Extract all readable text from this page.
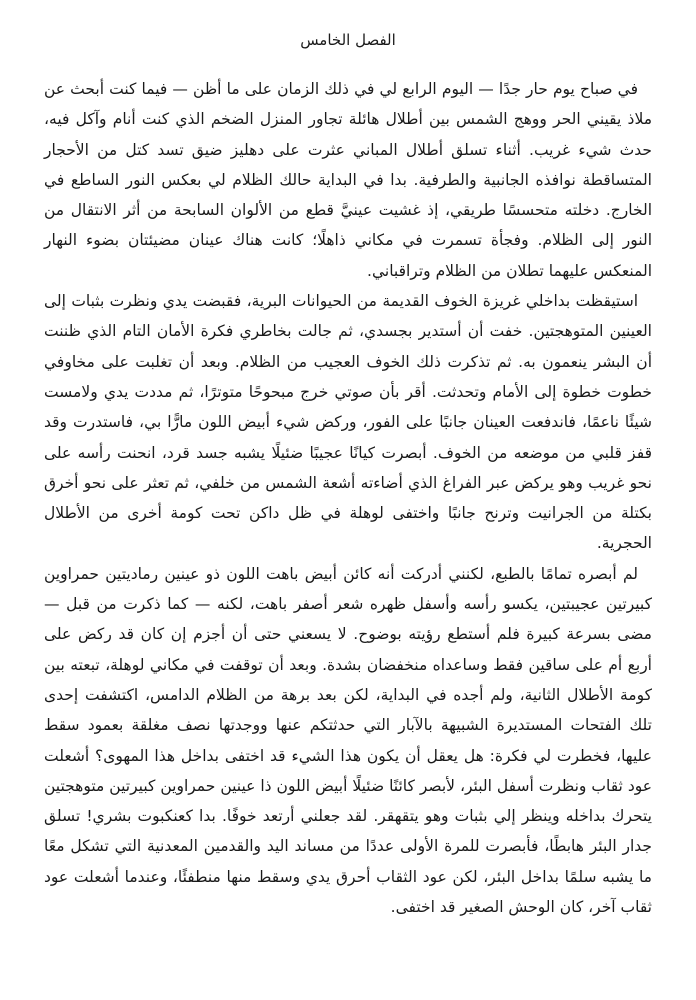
الفصل الخامس

في صباح يوم حار جدًا — اليوم الرابع لي في ذلك الزمان على ما أظن — فيما كنت أبحث عن ملاذ يقيني الحر ووهج الشمس بين أطلال هائلة تجاور المنزل الضخم الذي كنت أنام وآكل فيه، حدث شيء غريب. أثناء تسلق أطلال المباني عثرت على دهليز ضيق تسد كتل من الأحجار المتساقطة نوافذه الجانبية والطرفية. بدا في البداية حالك الظلام لي بعكس النور الساطع في الخارج. دخلته متحسسًا طريقي، إذ غشيت عينيَّ قطع من الألوان السابحة من أثر الانتقال من النور إلى الظلام. وفجأة تسمرت في مكاني ذاهلًا؛ كانت هناك عينان مضيئتان بضوء النهار المنعكس عليهما تطلان من الظلام وتراقباني.

استيقظت بداخلي غريزة الخوف القديمة من الحيوانات البرية، فقبضت يدي ونظرت بثبات إلى العينين المتوهجتين. خفت أن أستدير بجسدي، ثم جالت بخاطري فكرة الأمان التام الذي ظننت أن البشر ينعمون به. ثم تذكرت ذلك الخوف العجيب من الظلام. وبعد أن تغلبت على مخاوفي خطوت خطوة إلى الأمام وتحدثت. أقر بأن صوتي خرج مبحوحًا متوترًا، ثم مددت يدي ولامست شيئًا ناعمًا، فاندفعت العينان جانبًا على الفور، وركض شيء أبيض اللون مارًّا بي، فاستدرت وقد قفز قلبي من موضعه من الخوف. أبصرت كيانًا عجيبًا ضئيلًا يشبه جسد قرد، انحنت رأسه على نحو غريب وهو يركض عبر الفراغ الذي أضاءته أشعة الشمس من خلفي، ثم تعثر على نحو أخرق بكتلة من الجرانيت وترنح جانبًا واختفى لوهلة في ظل داكن تحت كومة أخرى من الأطلال الحجرية.

لم أبصره تمامًا بالطبع، لكنني أدركت أنه كائن أبيض باهت اللون ذو عينين رماديتين حمراوين كبيرتين عجيبتين، يكسو رأسه وأسفل ظهره شعر أصفر باهت، لكنه — كما ذكرت من قبل — مضى بسرعة كبيرة فلم أستطع رؤيته بوضوح. لا يسعني حتى أن أجزم إن كان قد ركض على أربع أم على ساقين فقط وساعداه منخفضان بشدة. وبعد أن توقفت في مكاني لوهلة، تبعته بين كومة الأطلال الثانية، ولم أجده في البداية، لكن بعد برهة من الظلام الدامس، اكتشفت إحدى تلك الفتحات المستديرة الشبيهة بالآبار التي حدثتكم عنها ووجدتها نصف مغلقة بعمود سقط عليها، فخطرت لي فكرة: هل يعقل أن يكون هذا الشيء قد اختفى بداخل هذا المهوى؟ أشعلت عود ثقاب ونظرت أسفل البئر، لأبصر كائنًا ضئيلًا أبيض اللون ذا عينين حمراوين كبيرتين متوهجتين يتحرك بداخله وينظر إلي بثبات وهو يتقهقر. لقد جعلني أرتعد خوفًا. بدا كعنكبوت بشري! تسلق جدار البئر هابطًا، فأبصرت للمرة الأولى عددًا من مساند اليد والقدمين المعدنية التي تشكل معًا ما يشبه سلمًا بداخل البئر، لكن عود الثقاب أحرق يدي وسقط منها منطفئًا، وعندما أشعلت عود ثقاب آخر، كان الوحش الصغير قد اختفى.
